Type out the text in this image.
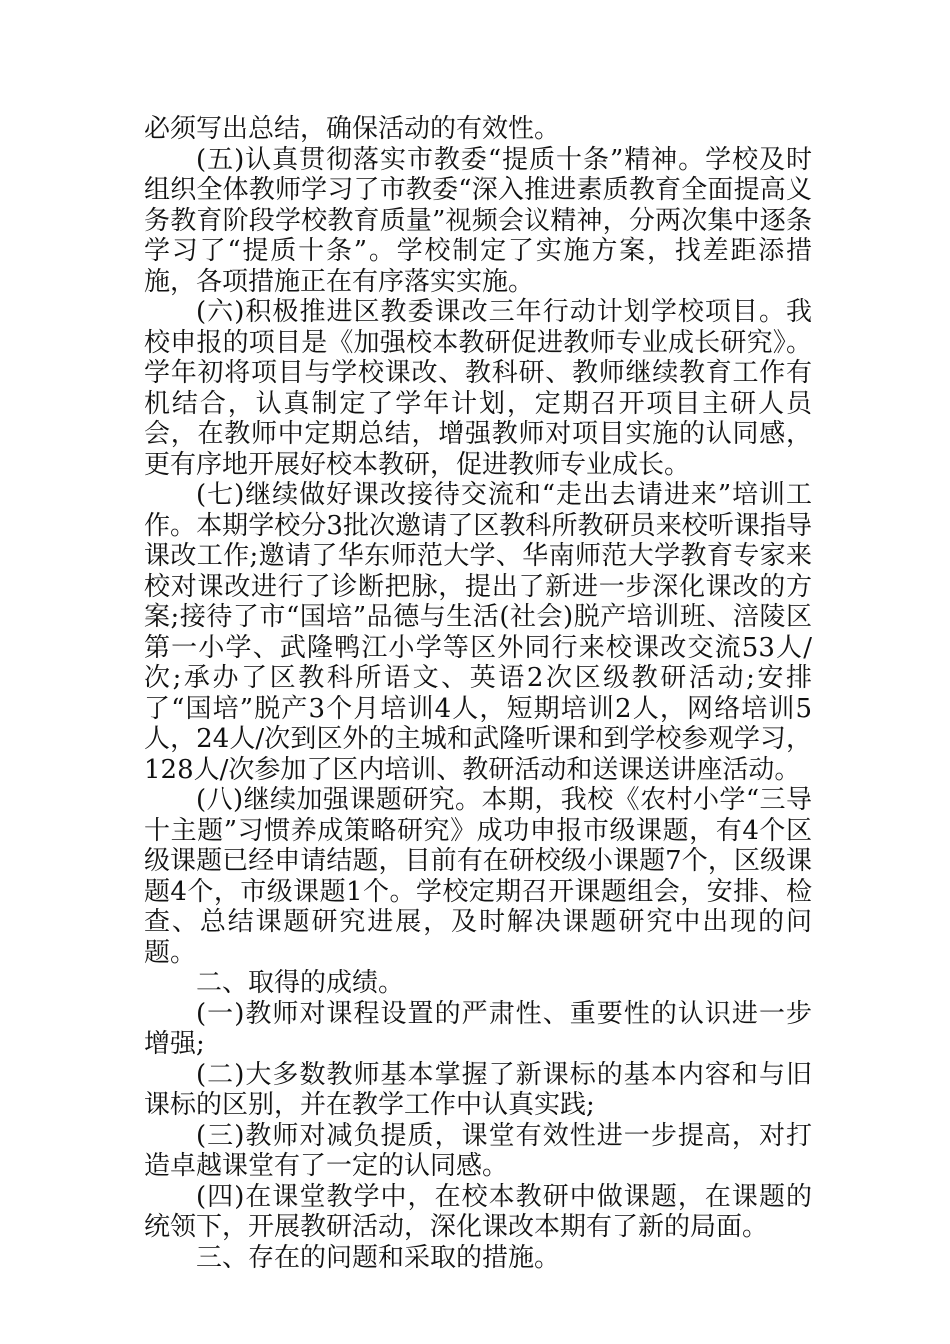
必须写出总结，确保活动的有效性。

(五)认真贯彻落实市教委“提质十条”精神。学校及时组织全体教师学习了市教委“深入推进素质教育全面提高义务教育阶段学校教育质量”视频会议精神，分两次集中逐条学习了“提质十条”。学校制定了实施方案，找差距添措施，各项措施正在有序落实实施。

(六)积极推进区教委课改三年行动计划学校项目。我校申报的项目是《加强校本教研促进教师专业成长研究》。学年初将项目与学校课改、教科研、教师继续教育工作有机结合，认真制定了学年计划，定期召开项目主研人员会，在教师中定期总结，增强教师对项目实施的认同感，更有序地开展好校本教研，促进教师专业成长。

(七)继续做好课改接待交流和“走出去请进来”培训工作。本期学校分3批次邀请了区教科所教研员来校听课指导课改工作;邀请了华东师范大学、华南师范大学教育专家来校对课改进行了诊断把脉，提出了新进一步深化课改的方案;接待了市“国培”品德与生活(社会)脱产培训班、涪陵区第一小学、武隆鸭江小学等区外同行来校课改交流53人/次;承办了区教科所语文、英语2次区级教研活动;安排了“国培”脱产3个月培训4人，短期培训2人，网络培训5人，24人/次到区外的主城和武隆听课和到学校参观学习，128人/次参加了区内培训、教研活动和送课送讲座活动。

(八)继续加强课题研究。本期，我校《农村小学“三导十主题”习惯养成策略研究》成功申报市级课题，有4个区级课题已经申请结题，目前有在研校级小课题7个，区级课题4个，市级课题1个。学校定期召开课题组会，安排、检查、总结课题研究进展，及时解决课题研究中出现的问题。

二、取得的成绩。

(一)教师对课程设置的严肃性、重要性的认识进一步增强;

(二)大多数教师基本掌握了新课标的基本内容和与旧课标的区别，并在教学工作中认真实践;

(三)教师对减负提质，课堂有效性进一步提高，对打造卓越课堂有了一定的认同感。

(四)在课堂教学中，在校本教研中做课题，在课题的统领下，开展教研活动，深化课改本期有了新的局面。

三、存在的问题和采取的措施。
